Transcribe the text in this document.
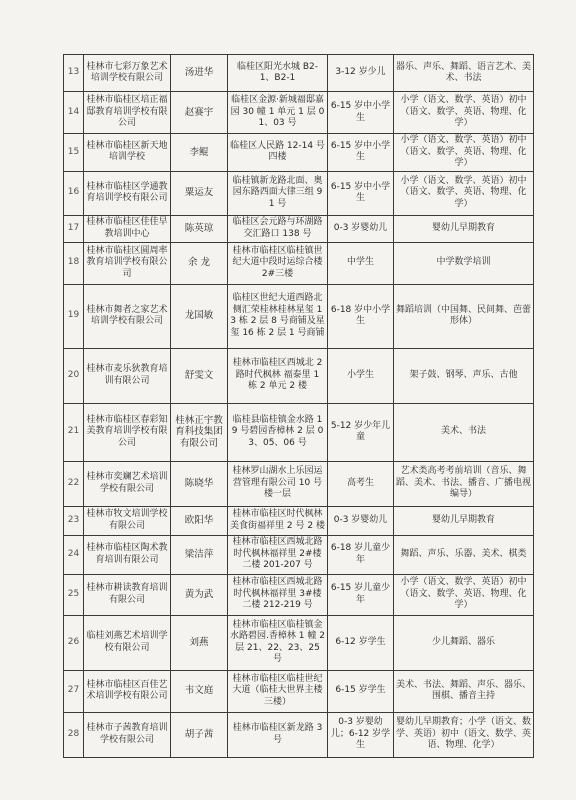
13	桂林市七彩万象艺术培训学校有限公司	汤进华	临桂区阳光水城 B2-1、B2-1	3-12 岁少儿	器乐、声乐、舞蹈、语言艺术、美术、书法
14	桂林市临桂区培正福邸教育培训学校有限公司	赵赛宇	临桂区金源·新城福邸嘉园 30 幢 1 单元 1 层 01、03 号	6-15 岁中小学生	小学（语文、数学、英语）初中（语文、数学、英语、物理、化学）
15	桂林市临桂区新天地培训学校	李鲲	临桂区人民路 12-14 号四楼	6-15 岁中小学生	小学（语文、数学、英语）初中（语文、数学、英语、物理、化学）
16	桂林市临桂区学通教育培训学校有限公司	粟运友	临桂镇新龙路北面、奥园东路西面大律三组 91 号	6-15 岁中小学生	小学（语文、数学、英语）初中（语文、数学、英语、物理、化学）
17	桂林市临桂区佳佳早教培训中心	陈英琼	临桂区会元路与环湖路交汇路口 138 号	0-3 岁婴幼儿	婴幼儿早期教育
18	桂林市临桂区圆周率教育培训学校有限公司	余 龙	桂林市临桂区临桂镇世纪大道中段时运综合楼 2#三楼	中学生	中学数学培训
19	桂林市舞者之家艺术培训学校有限公司	龙国敏	临桂区世纪大道西路北侧汇荣桂林桂林星玺 13 栋 2 层 8 号商铺及星玺 16 栋 2 层 1 号商铺	6-18 岁中小学生	舞蹈培训（中国舞、民间舞、芭蕾形体）
20	桂林市麦乐狄教育培训有限公司	舒雯文	桂林市临桂区西城北 2 路时代枫林 福泰里 1 栋 2 单元 2 楼	小学生	架子鼓、钢琴、声乐、古他
21	桂林市临桂区春彩知美教育培训学校有限公司	桂林正宇教育科技集团有限公司	临桂县临桂镇金水路 19 号碧园香樟林 2 层 03、05、06 号	5-12 岁少年儿童	美术、书法
22	桂林市奕斓艺术培训学校有限公司	陈晓华	桂林罗山湖水上乐园运营管理有限公司 10 号楼一层	高考生	艺术类高考考前培训（音乐、舞蹈、美术、书法、播音、广播电视编导）
23	桂林市牧文培训学校有限公司	欧阳华	桂林市临桂区时代枫林美食街福祥里 2 号 2 楼	0-3 岁婴幼儿	婴幼儿早期教育
24	桂林市临桂区陶术教育培训有限公司	梁洁萍	桂林市临桂区西城北路时代枫林福祥里 2#楼二楼 201-207 号	6-18 岁儿童少年	舞蹈、声乐、乐器、美术、棋类
25	桂林市耕读教育培训有限公司	黄为武	桂林市临桂区西城北路时代枫林福祥里 3#楼二楼 212-219 号	6-15 岁儿童少年	小学（语文、数学、英语）初中（语文、数学、英语、物理、化学）
26	临桂刘燕艺术培训学校有限公司	刘燕	桂林市临桂区临桂镇金水路碧园.香樟林 1 幢 2 层 21、22、23、25 号	6-12 岁学生	少儿舞蹈、器乐
27	桂林市临桂区百佳艺术培训学校有限公司	韦文庭	桂林市临桂区临桂世纪大道（临桂大世界主楼三楼）	6-15 岁学生	美术、书法、舞蹈、声乐、器乐、围棋、播音主持
28	桂林市子茜教育培训学校有限公司	胡子茜	桂林市临桂区新龙路 3 号	0-3 岁婴幼儿；6-12 岁学生	婴幼儿早期教育；小学（语文、数学、英语）初中（语文、数学、英语、物理、化学）
